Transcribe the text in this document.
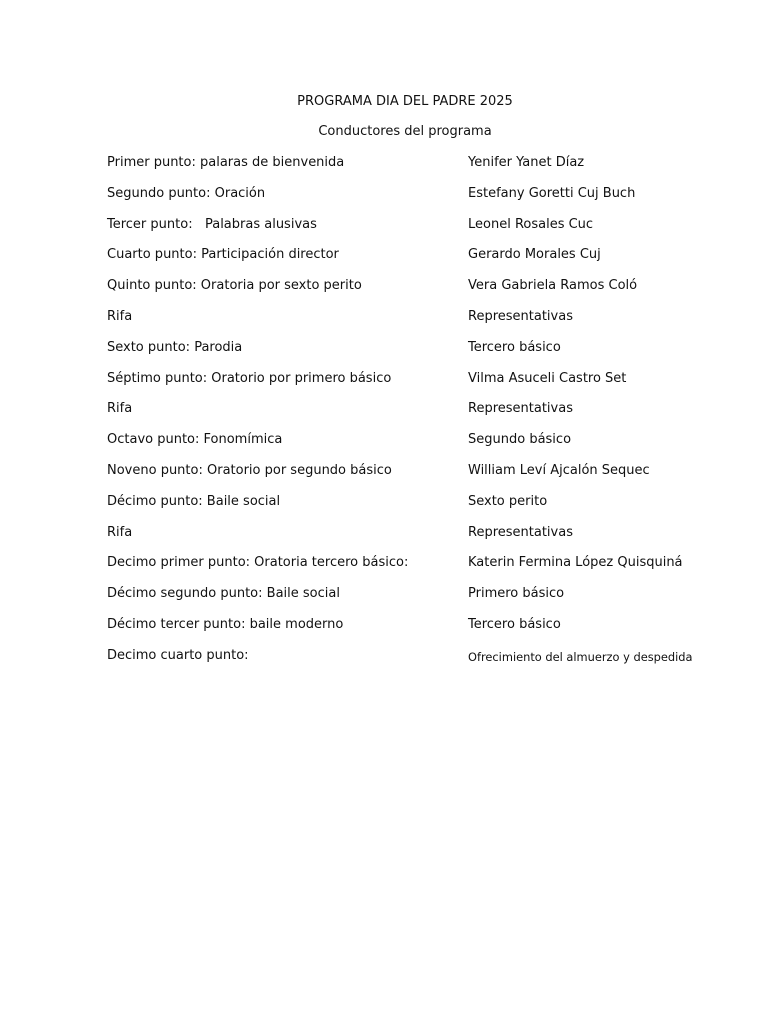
PROGRAMA DIA DEL PADRE 2025
Conductores del programa
Primer punto: palaras de bienvenida	Yenifer Yanet Díaz
Segundo punto: Oración	Estefany Goretti Cuj Buch
Tercer punto:   Palabras alusivas	Leonel Rosales Cuc
Cuarto punto: Participación director	Gerardo Morales Cuj
Quinto punto: Oratoria por sexto perito	Vera Gabriela Ramos Coló
Rifa	Representativas
Sexto punto: Parodia	Tercero básico
Séptimo punto: Oratorio por primero básico	Vilma Asuceli Castro Set
Rifa	Representativas
Octavo punto: Fonomímica	Segundo básico
Noveno punto: Oratorio por segundo básico	William Leví Ajcalón Sequec
Décimo punto: Baile social	Sexto perito
Rifa	Representativas
Decimo primer punto: Oratoria tercero básico:	Katerin Fermina López Quisquiná
Décimo segundo punto: Baile social	Primero básico
Décimo tercer punto: baile moderno	Tercero básico
Decimo cuarto punto:	Ofrecimiento del almuerzo y despedida
